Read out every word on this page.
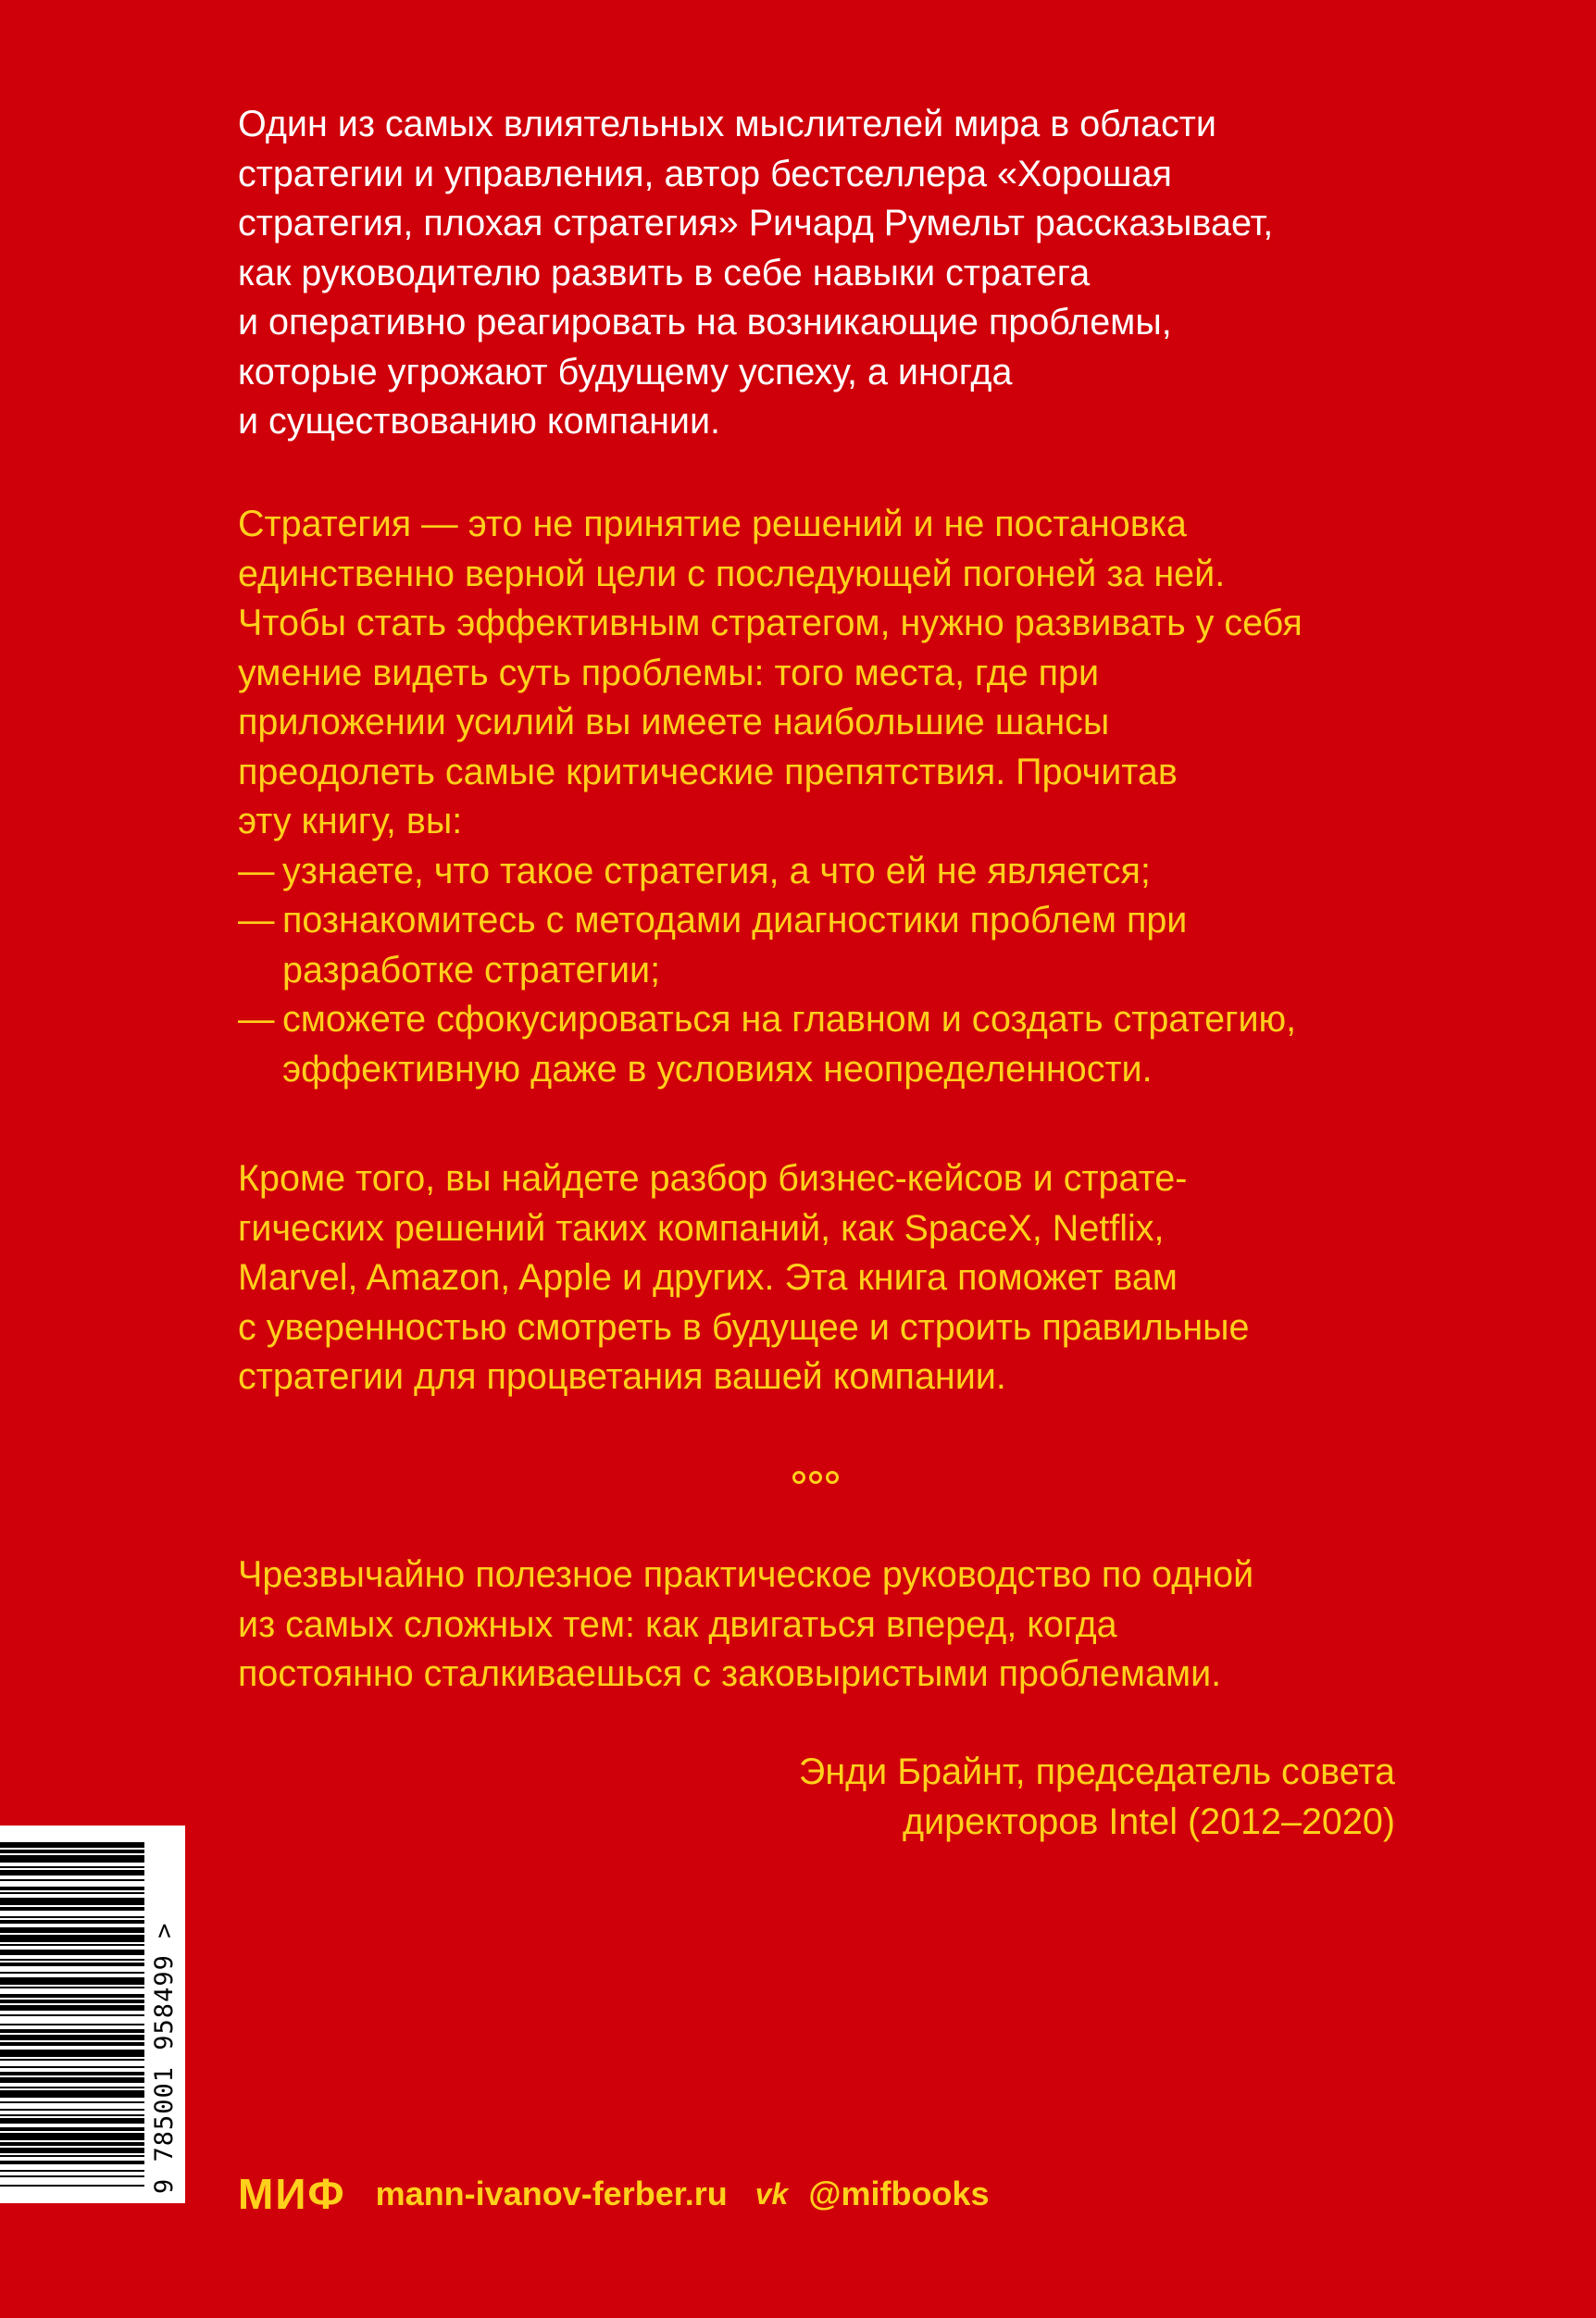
Один из самых влиятельных мыслителей мира в области
стратегии и управления, автор бестселлера «Хорошая
стратегия, плохая стратегия» Ричард Румельт рассказывает,
как руководителю развить в себе навыки стратега
и оперативно реагировать на возникающие проблемы,
которые угрожают будущему успеху, а иногда
и существованию компании.

Стратегия — это не принятие решений и не постановка
единственно верной цели с последующей погоней за ней.
Чтобы стать эффективным стратегом, нужно развивать у себя
умение видеть суть проблемы: того места, где при
приложении усилий вы имеете наибольшие шансы
преодолеть самые критические препятствия. Прочитав
эту книгу, вы:
— узнаете, что такое стратегия, а что ей не является;
— познакомитесь с методами диагностики проблем при
разработке стратегии;
— сможете сфокусироваться на главном и создать стратегию,
эффективную даже в условиях неопределенности.

Кроме того, вы найдете разбор бизнес-кейсов и страте-
гических решений таких компаний, как SpaceX, Netflix,
Marvel, Amazon, Apple и других. Эта книга поможет вам
с уверенностью смотреть в будущее и строить правильные
стратегии для процветания вашей компании.

Чрезвычайно полезное практическое руководство по одной
из самых сложных тем: как двигаться вперед, когда
постоянно сталкиваешься с заковыристыми проблемами.

Энди Брайнт, председатель совета
директоров Intel (2012–2020)
9 785001 958499 > МИФ mann-ivanov-ferber.ru vk @mifbooks
